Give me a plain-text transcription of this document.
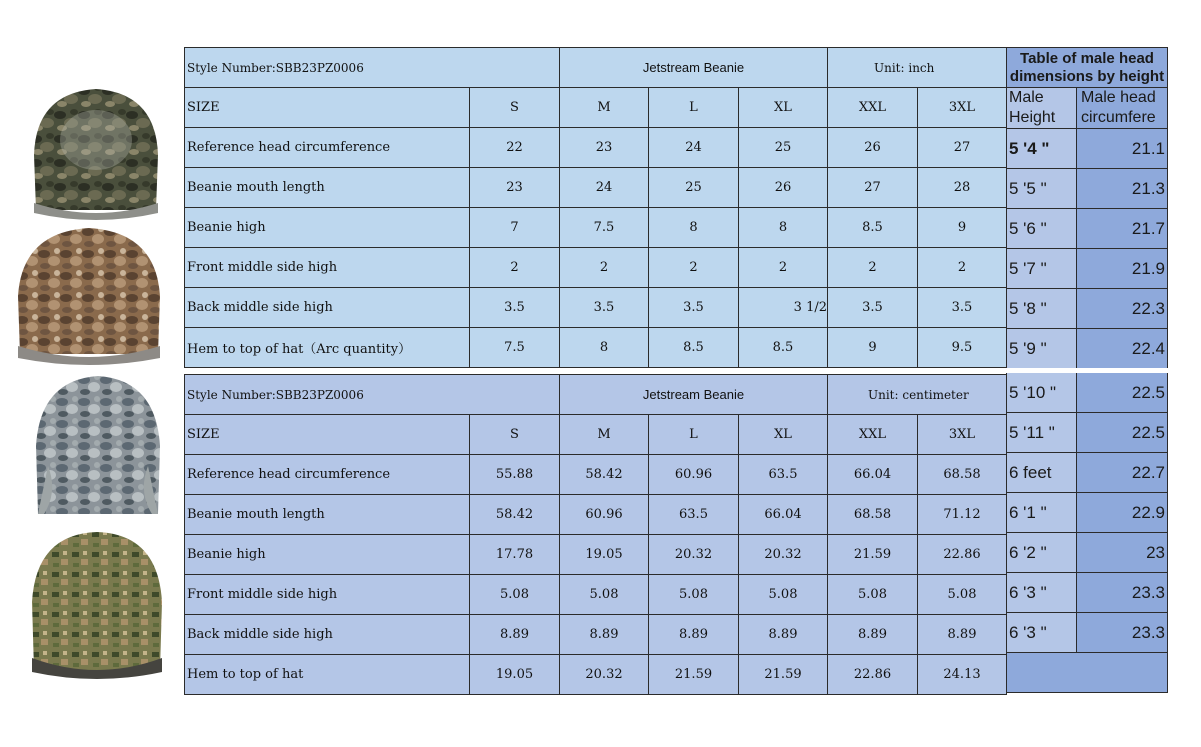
Style Number:SBB23PZ0006		Jetstream Beanie			Unit: inch	
SIZE	S	M	L	XL	XXL	3XL
Reference head circumference	22	23	24	25	26	27
Beanie mouth length	23	24	25	26	27	28
Beanie high	7	7.5	8	8	8.5	9
Front middle side high	2	2	2	2	2	2
Back middle side high	3.5	3.5	3.5	3 1/2	3.5	3.5
Hem to top of hat（Arc quantity）	7.5	8	8.5	8.5	9	9.5
Style Number:SBB23PZ0006		Jetstream Beanie			Unit: centimeter	
SIZE	S	M	L	XL	XXL	3XL
Reference head circumference	55.88	58.42	60.96	63.5	66.04	68.58
Beanie mouth length	58.42	60.96	63.5	66.04	68.58	71.12
Beanie high	17.78	19.05	20.32	20.32	21.59	22.86
Front middle side high	5.08	5.08	5.08	5.08	5.08	5.08
Back middle side high	8.89	8.89	8.89	8.89	8.89	8.89
Hem to top of hat	19.05	20.32	21.59	21.59	22.86	24.13
Table of male head dimensions by height	
Male Height	Male head circumfere
5 '4 "	21.1
5 '5 "	21.3
5 '6 "	21.7
5 '7 "	21.9
5 '8 "	22.3
5 '9 "	22.4
5 '10 "	22.5
5 '11 "	22.5
6 feet	22.7
6 '1 "	22.9
6 '2 "	23
6 '3 "	23.3
6 '3 "	23.3
